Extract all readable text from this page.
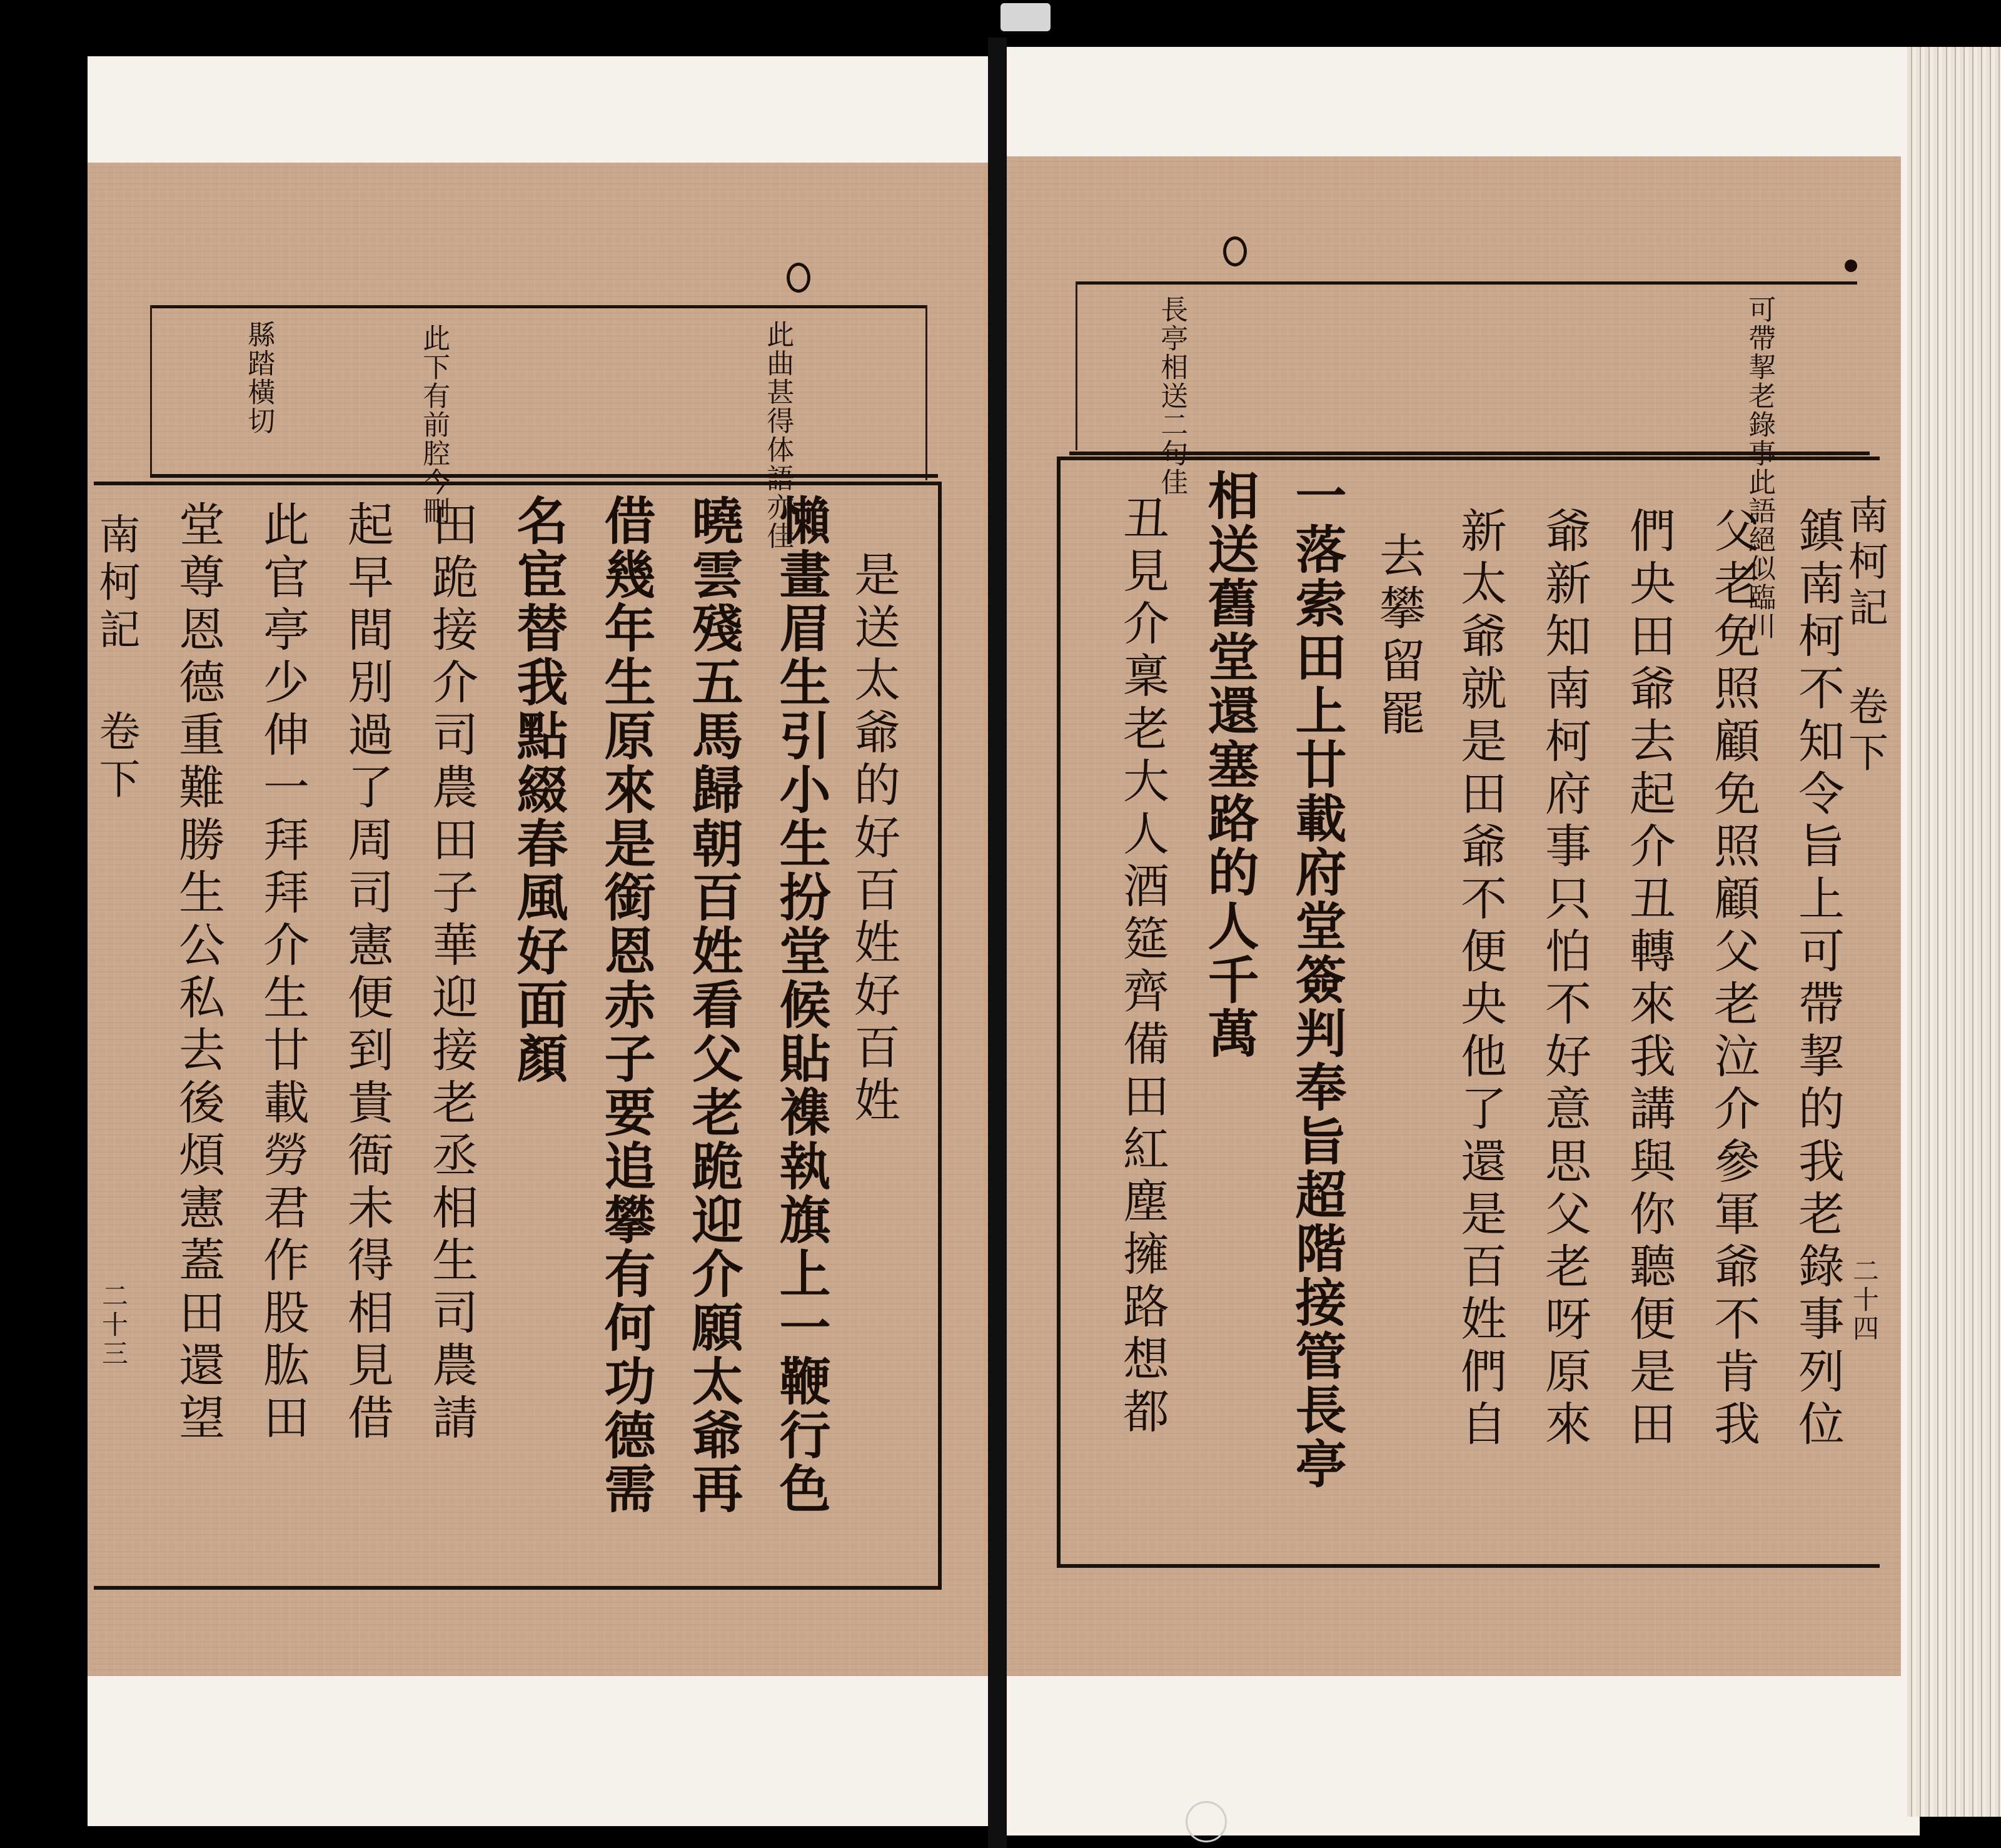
此曲甚得体語亦佳
此下有前腔今刪
縣踏橫切
是送太爺的好百姓好百姓
懶畫眉生引小生扮堂候貼襍執旗上一鞭行色
曉雲殘五馬歸朝百姓看父老跪迎介願太爺再
借幾年生原來是銜恩赤子要追攀有何功德需
名宦替我點綴春風好面顏
田跪接介司農田子華迎接老丞相生司農請
起早間別過了周司憲便到貴衙未得相見借
此官亭少伸一拜拜介生廿載勞君作股肱田
堂尊恩德重難勝生公私去後煩憲蓋田還望
南柯記 卷下
二十三
可帶挈老錄事此語絕似臨川
長亭相送二句佳
鎮南柯不知令旨上可帶挈的我老錄事列位
父老免照顧免照顧父老泣介參軍爺不肯我
們央田爺去起介丑轉來我講與你聽便是田
爺新知南柯府事只怕不好意思父老呀原來
新太爺就是田爺不便央他了還是百姓們自
去攀留罷
一落索田上廿載府堂簽判奉旨超階接管長亭
相送舊堂還塞路的人千萬
丑見介稟老大人酒筵齊備田紅塵擁路想都	南柯記 卷下
二十四
